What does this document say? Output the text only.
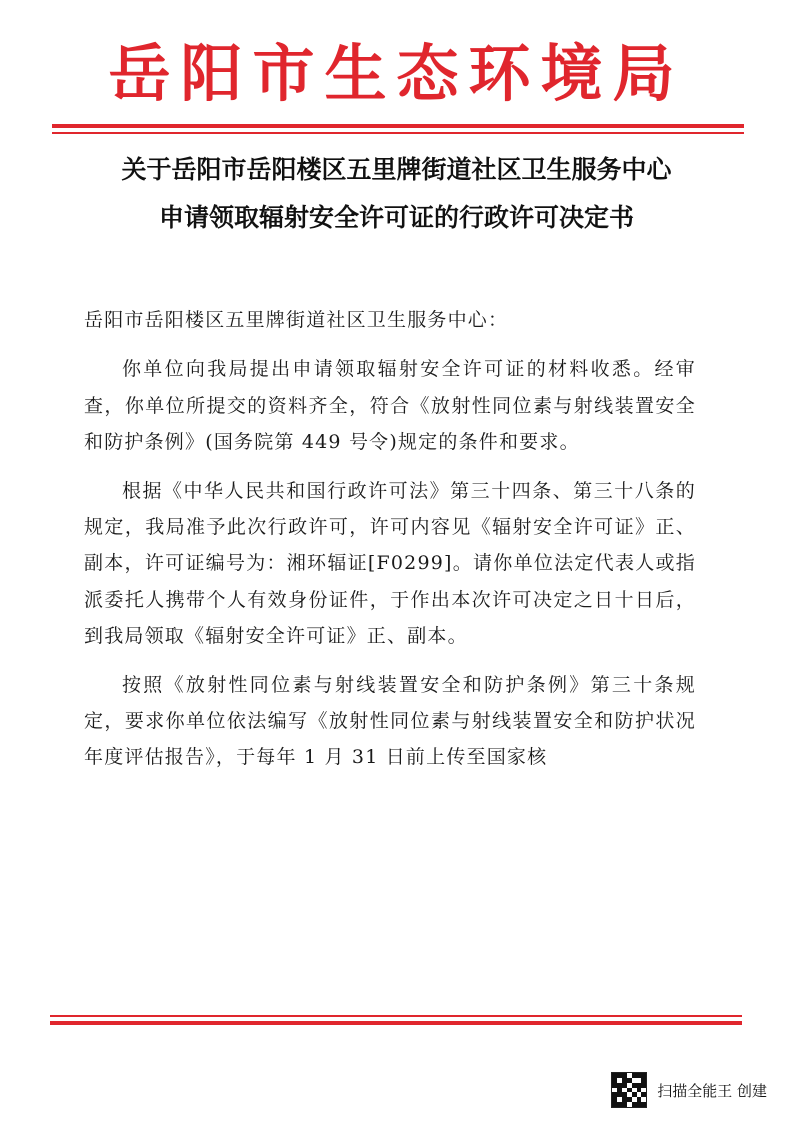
岳阳市生态环境局
关于岳阳市岳阳楼区五里牌街道社区卫生服务中心
申请领取辐射安全许可证的行政许可决定书

岳阳市岳阳楼区五里牌街道社区卫生服务中心：

你单位向我局提出申请领取辐射安全许可证的材料收悉。经审查，你单位所提交的资料齐全，符合《放射性同位素与射线装置安全和防护条例》(国务院第 449 号令)规定的条件和要求。

根据《中华人民共和国行政许可法》第三十四条、第三十八条的规定，我局准予此次行政许可，许可内容见《辐射安全许可证》正、副本，许可证编号为：湘环辐证[F0299]。请你单位法定代表人或指派委托人携带个人有效身份证件，于作出本次许可决定之日十日后，到我局领取《辐射安全许可证》正、副本。

按照《放射性同位素与射线装置安全和防护条例》第三十条规定，要求你单位依法编写《放射性同位素与射线装置安全和防护状况年度评估报告》，于每年 1 月 31 日前上传至国家核

扫描全能王 创建
